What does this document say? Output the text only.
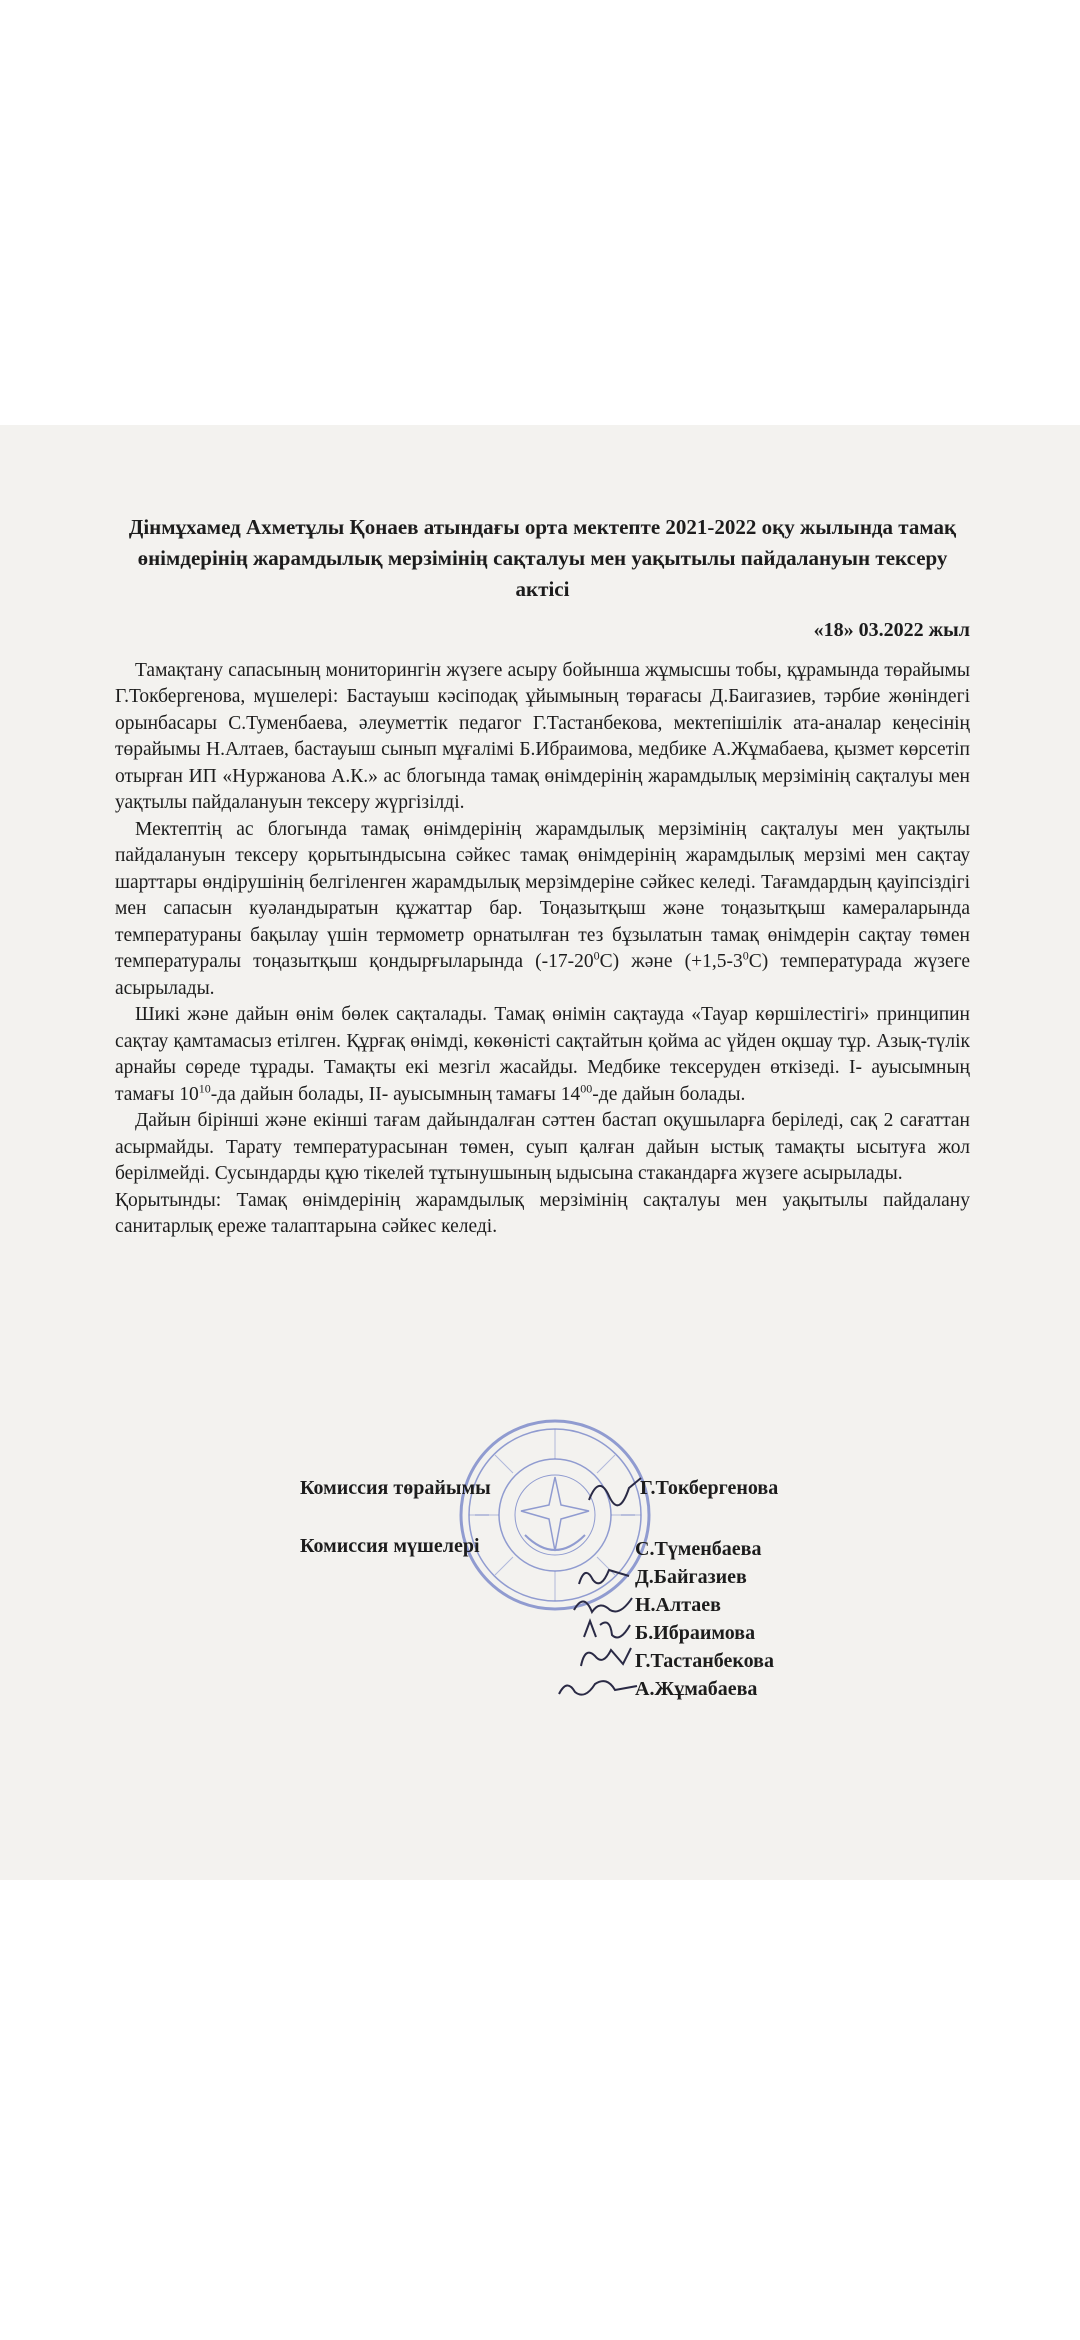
Дінмұхамед Ахметұлы Қонаев атындағы орта мектепте 2021-2022 оқу жылында тамақ өнімдерінің жарамдылық мерзімінің сақталуы мен уақытылы пайдалануын тексеру актісі
«18» 03.2022 жыл

Тамақтану сапасының мониторингін жүзеге асыру бойынша жұмысшы тобы, құрамында төрайымы Г.Токбергенова, мүшелері: Бастауыш кәсіподақ ұйымының төрағасы Д.Баигазиев, тәрбие жөніндегі орынбасары С.Туменбаева, әлеуметтік педагог Г.Тастанбекова, мектепішілік ата-аналар кеңесінің төрайымы Н.Алтаев, бастауыш сынып мұғалімі Б.Ибраимова, медбике А.Жұмабаева, қызмет көрсетіп отырған ИП «Нуржанова А.К.» ас блогында тамақ өнімдерінің жарамдылық мерзімінің сақталуы мен уақтылы пайдалануын тексеру жүргізілді.

Мектептің ас блогында тамақ өнімдерінің жарамдылық мерзімінің сақталуы мен уақтылы пайдалануын тексеру қорытындысына сәйкес тамақ өнімдерінің жарамдылық мерзімі мен сақтау шарттары өндірушінің белгіленген жарамдылық мерзімдеріне сәйкес келеді. Тағамдардың қауіпсіздігі мен сапасын куәландыратын құжаттар бар. Тоңазытқыш және тоңазытқыш камераларында температураны бақылау үшін термометр орнатылған тез бұзылатын тамақ өнімдерін сақтау төмен температуралы тоңазытқыш қондырғыларында $(-17-20^0С)$ және $(+1,5-3^0С)$ температурада жүзеге асырылады.

Шикі және дайын өнім бөлек сақталады. Тамақ өнімін сақтауда «Тауар көршілестігі» принципин сақтау қамтамасыз етілген. Құрғақ өнімді, көкөністі сақтайтын қойма ас үйден оқшау тұр. Азық-түлік арнайы сөреде тұрады. Тамақты екі мезгіл жасайды. Медбике тексеруден өткізеді. I- ауысымның тамағы $10^{10}-да$ дайын болады, II- ауысымның тамағы $14^{00}-де$ дайын болады.

Дайын бірінші және екінші тағам дайындалған сәттен бастап оқушыларға беріледі, сақ 2 сағаттан асырмайды. Тарату температурасынан төмен, суып қалған дайын ыстық тамақты ысытуға жол берілмейді. Сусындарды құю тікелей тұтынушының ыдысына стакандарға жүзеге асырылады.

Қорытынды: Тамақ өнімдерінің жарамдылық мерзімінің сақталуы мен уақытылы пайдалану санитарлық ереже талаптарына сәйкес келеді.

Комиссия төрайымы	Г.Токбергенова
Комиссия мүшелері	С.Түменбаева
Д.Байгазиев
Н.Алтаев
Б.Ибраимова
Г.Тастанбекова
А.Жұмабаева
